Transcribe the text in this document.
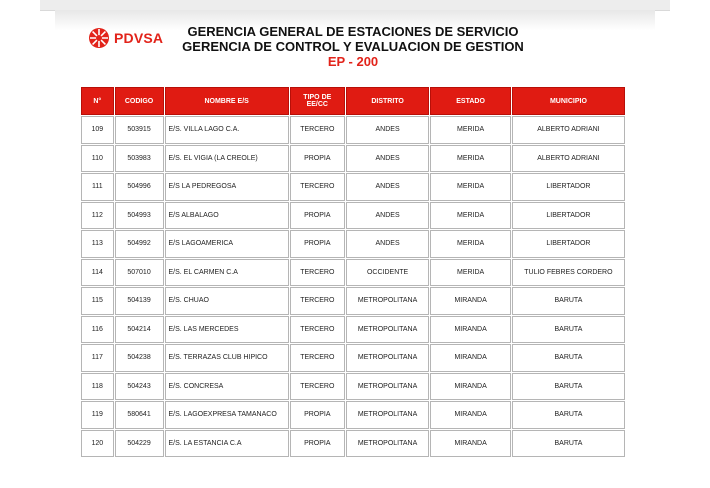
PDVSA	GERENCIA GENERAL DE ESTACIONES DE SERVICIO
GERENCIA DE CONTROL Y EVALUACION DE GESTION
EP - 200
N°	CODIGO	NOMBRE E/S	TIPO DE EE/CC	DISTRITO	ESTADO	MUNICIPIO
109	503915	E/S. VILLA LAGO C.A.	TERCERO	ANDES	MERIDA	ALBERTO ADRIANI
110	503983	E/S. EL VIGIA (LA CREOLE)	PROPIA	ANDES	MERIDA	ALBERTO ADRIANI
111	504996	E/S LA PEDREGOSA	TERCERO	ANDES	MERIDA	LIBERTADOR
112	504993	E/S ALBALAGO	PROPIA	ANDES	MERIDA	LIBERTADOR
113	504992	E/S LAGOAMERICA	PROPIA	ANDES	MERIDA	LIBERTADOR
114	507010	E/S. EL CARMEN C.A	TERCERO	OCCIDENTE	MERIDA	TULIO FEBRES CORDERO
115	504139	E/S. CHUAO	TERCERO	METROPOLITANA	MIRANDA	BARUTA
116	504214	E/S. LAS MERCEDES	TERCERO	METROPOLITANA	MIRANDA	BARUTA
117	504238	E/S. TERRAZAS CLUB HIPICO	TERCERO	METROPOLITANA	MIRANDA	BARUTA
118	504243	E/S. CONCRESA	TERCERO	METROPOLITANA	MIRANDA	BARUTA
119	580641	E/S. LAGOEXPRESA TAMANACO	PROPIA	METROPOLITANA	MIRANDA	BARUTA
120	504229	E/S. LA ESTANCIA C.A	PROPIA	METROPOLITANA	MIRANDA	BARUTA
